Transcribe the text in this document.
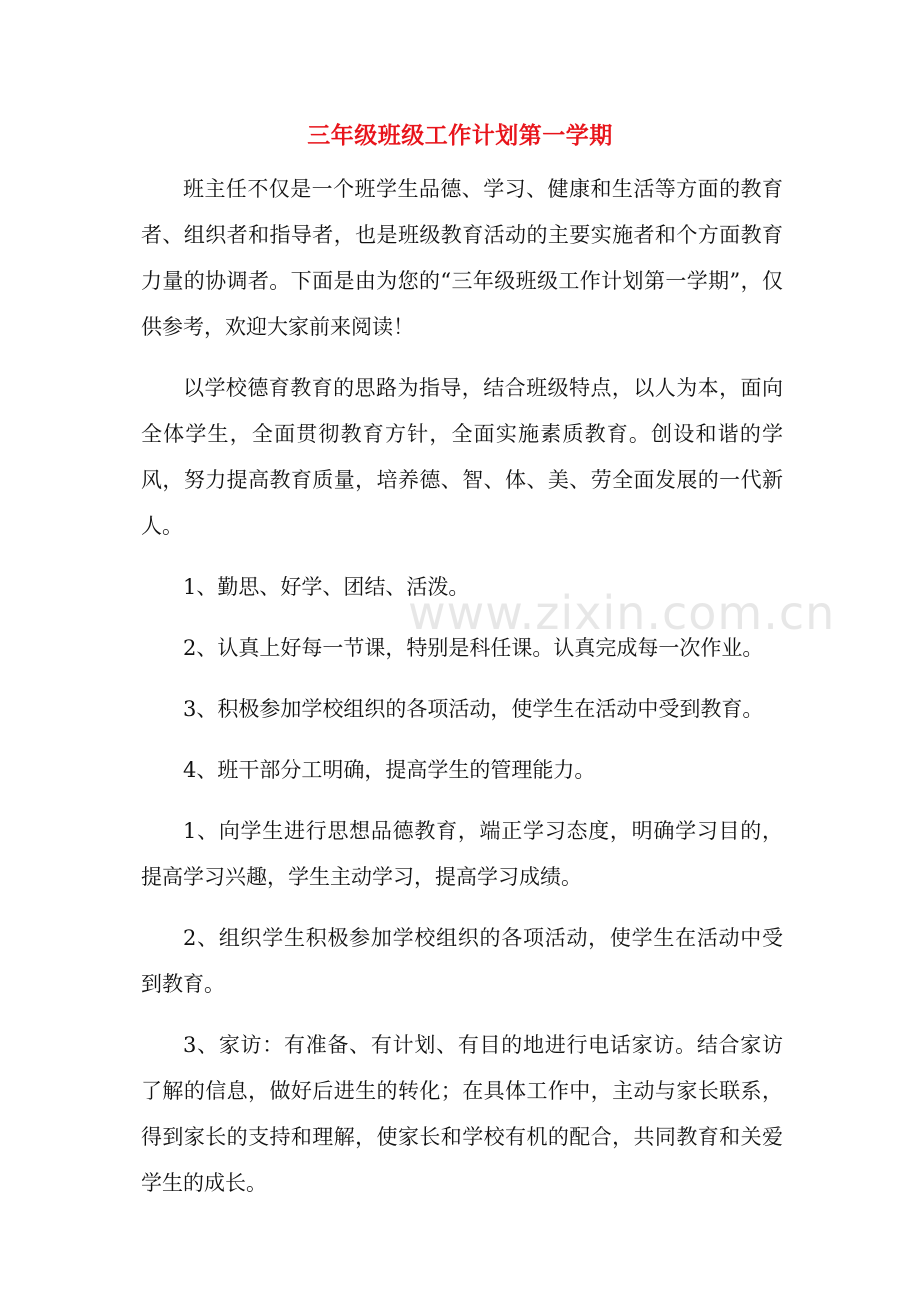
三年级班级工作计划第一学期

班主任不仅是一个班学生品德、学习、健康和生活等方面的教育者、组织者和指导者，也是班级教育活动的主要实施者和个方面教育力量的协调者。下面是由为您的“三年级班级工作计划第一学期”，仅供参考，欢迎大家前来阅读！

以学校德育教育的思路为指导，结合班级特点，以人为本，面向全体学生，全面贯彻教育方针，全面实施素质教育。创设和谐的学风，努力提高教育质量，培养德、智、体、美、劳全面发展的一代新人。

1、勤思、好学、团结、活泼。

2、认真上好每一节课，特别是科任课。认真完成每一次作业。

3、积极参加学校组织的各项活动，使学生在活动中受到教育。

4、班干部分工明确，提高学生的管理能力。

1、向学生进行思想品德教育，端正学习态度，明确学习目的，提高学习兴趣，学生主动学习，提高学习成绩。

2、组织学生积极参加学校组织的各项活动，使学生在活动中受到教育。

3、家访：有准备、有计划、有目的地进行电话家访。结合家访了解的信息，做好后进生的转化；在具体工作中，主动与家长联系，得到家长的支持和理解，使家长和学校有机的配合，共同教育和关爱学生的成长。

www.zixin.com.cn
